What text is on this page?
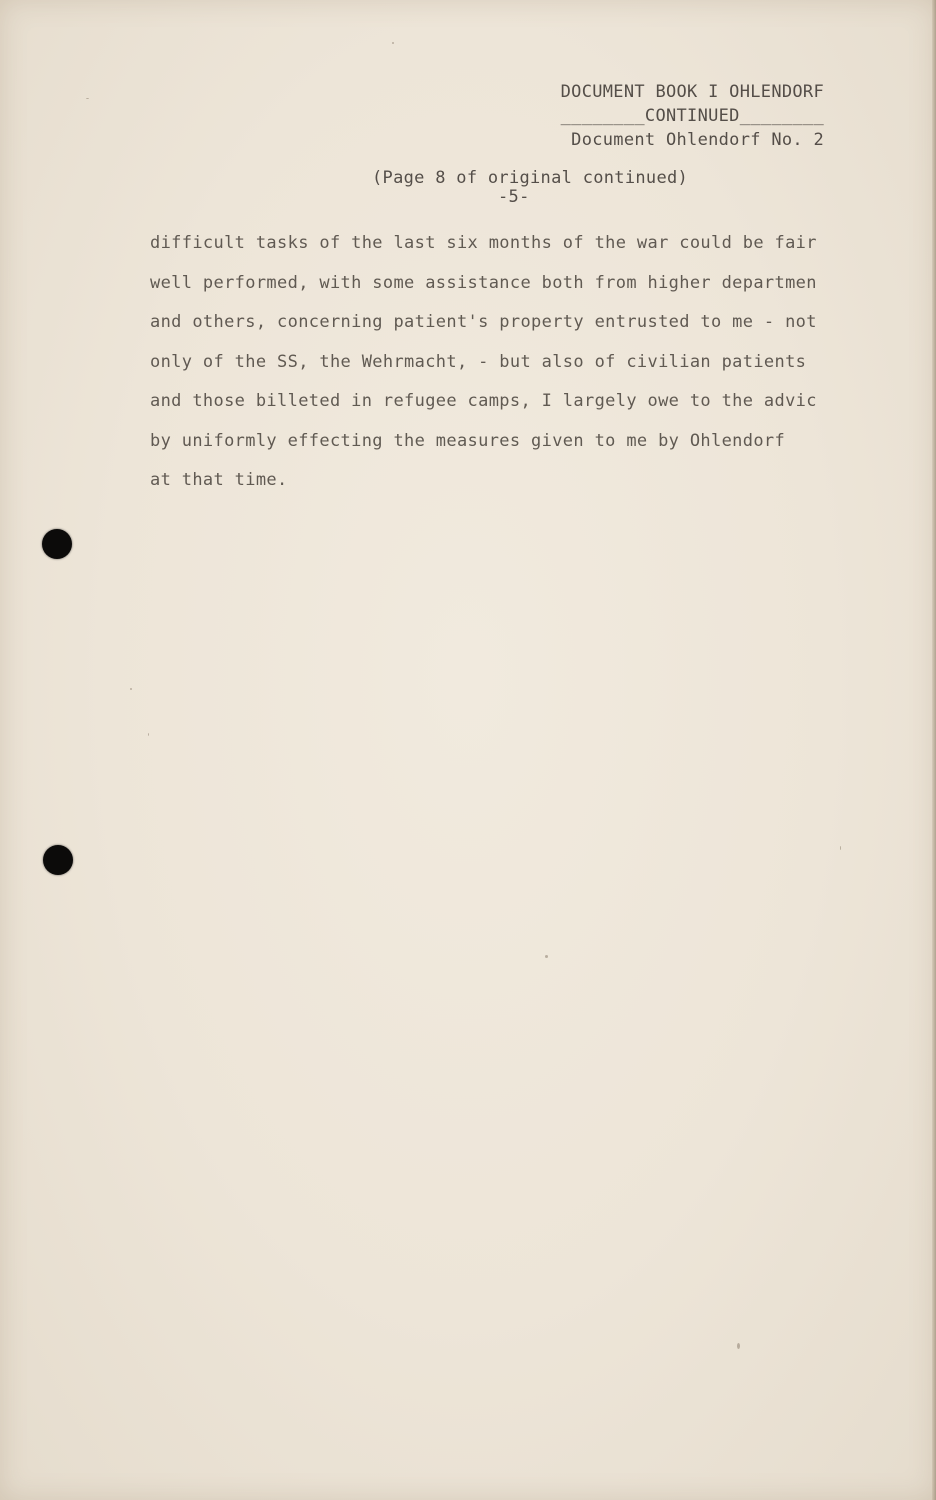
DOCUMENT BOOK I OHLENDORF
________CONTINUED________
Document Ohlendorf No. 2
(Page 8 of original continued)
-5-
difficult tasks of the last six months of the war could be fair
well performed, with some assistance both from higher departmen
and others, concerning patient's property entrusted to me - not
only of the SS, the Wehrmacht, - but also of civilian patients
and those billeted in refugee camps, I largely owe to the advic
by uniformly effecting the measures given to me by Ohlendorf
at that time.
